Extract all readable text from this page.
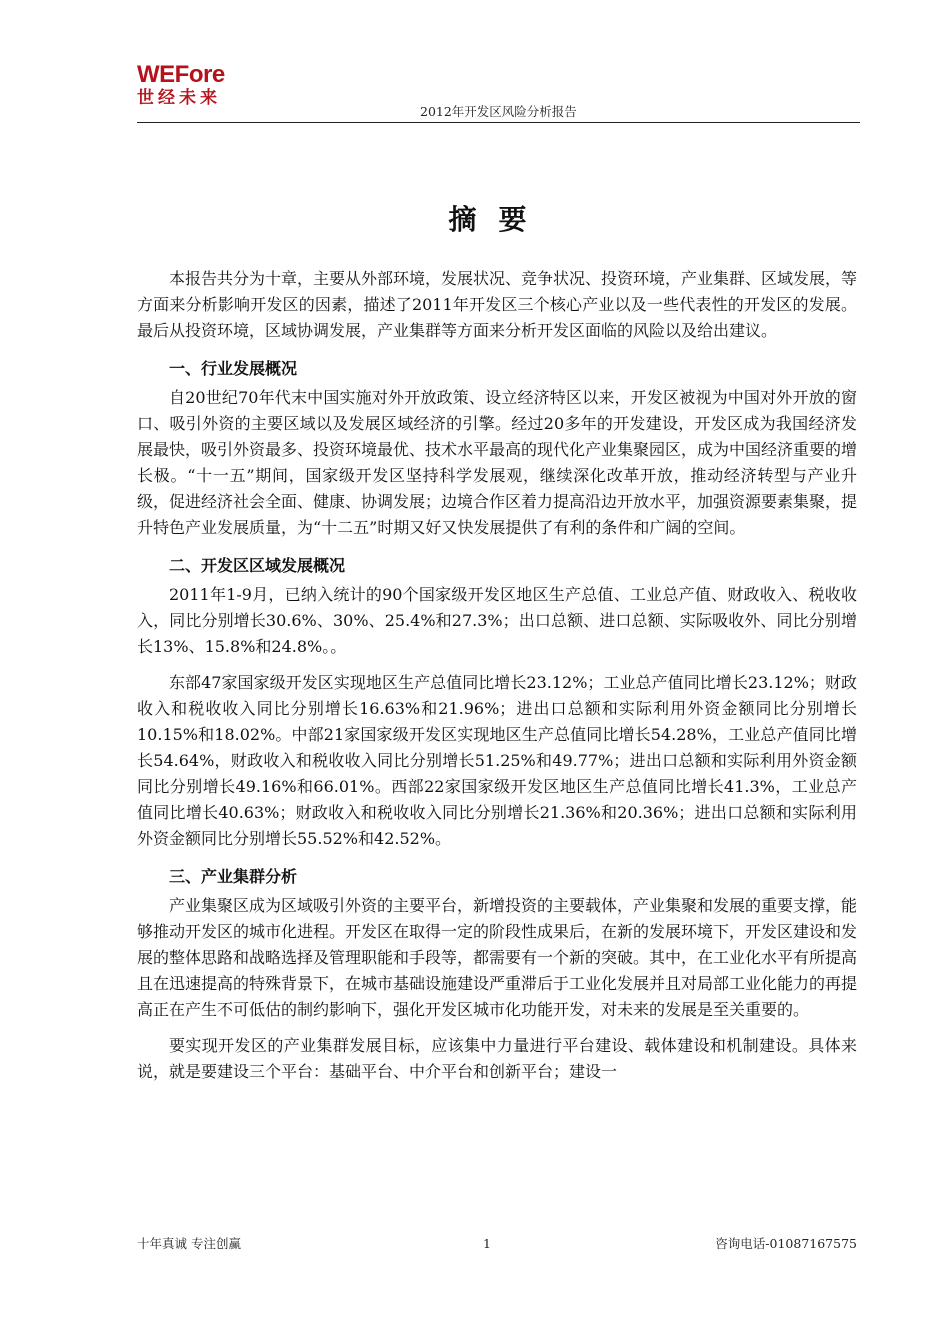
WEFore
世经未来
2012年开发区风险分析报告
摘要

本报告共分为十章，主要从外部环境，发展状况、竞争状况、投资环境，产业集群、区域发展，等方面来分析影响开发区的因素，描述了2011年开发区三个核心产业以及一些代表性的开发区的发展。最后从投资环境，区域协调发展，产业集群等方面来分析开发区面临的风险以及给出建议。

一、行业发展概况

自20世纪70年代末中国实施对外开放政策、设立经济特区以来，开发区被视为中国对外开放的窗口、吸引外资的主要区域以及发展区域经济的引擎。经过20多年的开发建设，开发区成为我国经济发展最快，吸引外资最多、投资环境最优、技术水平最高的现代化产业集聚园区，成为中国经济重要的增长极。“十一五”期间，国家级开发区坚持科学发展观，继续深化改革开放，推动经济转型与产业升级，促进经济社会全面、健康、协调发展；边境合作区着力提高沿边开放水平，加强资源要素集聚，提升特色产业发展质量，为“十二五”时期又好又快发展提供了有利的条件和广阔的空间。

二、开发区区域发展概况

2011年1-9月，已纳入统计的90个国家级开发区地区生产总值、工业总产值、财政收入、税收收入，同比分别增长30.6%、30%、25.4%和27.3%；出口总额、进口总额、实际吸收外、同比分别增长13%、15.8%和24.8%。。

东部47家国家级开发区实现地区生产总值同比增长23.12%；工业总产值同比增长23.12%；财政收入和税收收入同比分别增长16.63%和21.96%；进出口总额和实际利用外资金额同比分别增长10.15%和18.02%。中部21家国家级开发区实现地区生产总值同比增长54.28%，工业总产值同比增长54.64%，财政收入和税收收入同比分别增长51.25%和49.77%；进出口总额和实际利用外资金额同比分别增长49.16%和66.01%。西部22家国家级开发区地区生产总值同比增长41.3%，工业总产值同比增长40.63%；财政收入和税收收入同比分别增长21.36%和20.36%；进出口总额和实际利用外资金额同比分别增长55.52%和42.52%。

三、产业集群分析

产业集聚区成为区域吸引外资的主要平台，新增投资的主要载体，产业集聚和发展的重要支撑，能够推动开发区的城市化进程。开发区在取得一定的阶段性成果后，在新的发展环境下，开发区建设和发展的整体思路和战略选择及管理职能和手段等，都需要有一个新的突破。其中，在工业化水平有所提高且在迅速提高的特殊背景下，在城市基础设施建设严重滞后于工业化发展并且对局部工业化能力的再提高正在产生不可低估的制约影响下，强化开发区城市化功能开发，对未来的发展是至关重要的。

要实现开发区的产业集群发展目标，应该集中力量进行平台建设、载体建设和机制建设。具体来说，就是要建设三个平台：基础平台、中介平台和创新平台；建设一

十年真诚 专注创赢	1	咨询电话-01087167575
